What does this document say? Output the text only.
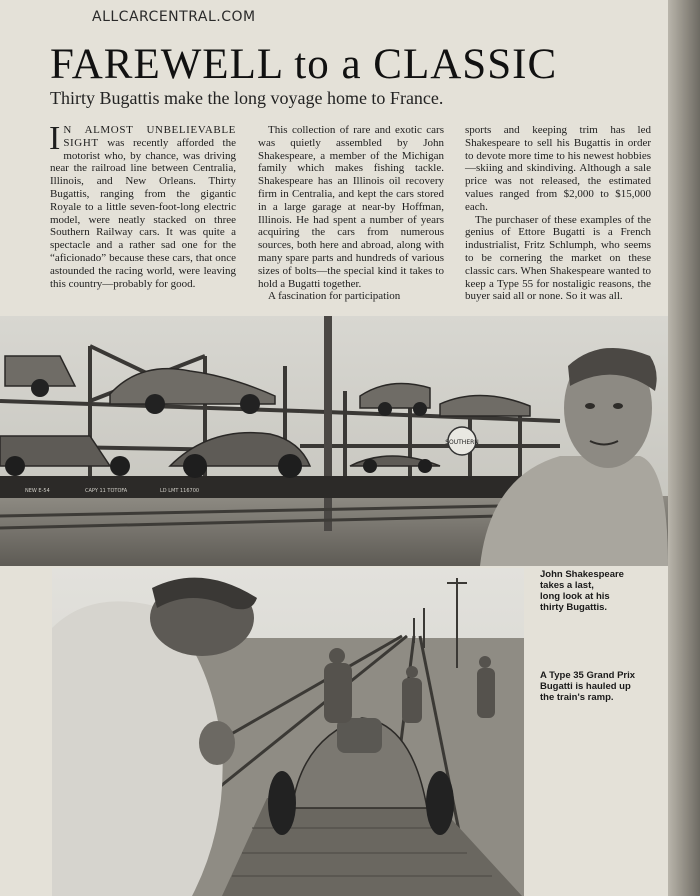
ALLCARCENTRAL.COM
FAREWELL to a CLASSIC
Thirty Bugattis make the long voyage home to France.

I N ALMOST UNBELIEVABLE SIGHT was recently afforded the motorist who, by chance, was driving near the railroad line between Centralia, Illinois, and New Orleans. Thirty Bugattis, ranging from the gigantic Royale to a little seven-foot-long electric model, were neatly stacked on three Southern Railway cars. It was quite a spectacle and a rather sad one for the “aficionado” because these cars, that once astounded the racing world, were leaving this country—probably for good.

This collection of rare and exotic cars was quietly assembled by John Shakespeare, a member of the Michigan family which makes fishing tackle. Shakespeare has an Illinois oil recovery firm in Centralia, and kept the cars stored in a large garage at near-by Hoffman, Illinois. He had spent a number of years acquiring the cars from numerous sources, both here and abroad, along with many spare parts and hundreds of various sizes of bolts—the special kind it takes to hold a Bugatti together.

A fascination for participation

sports and keeping trim has led Shakespeare to sell his Bugattis in order to devote more time to his newest hobbies—skiing and skindiving. Although a sale price was not released, the estimated values ranged from $2,000 to $15,000 each.

The purchaser of these examples of the genius of Ettore Bugatti is a French industrialist, Fritz Schlumph, who seems to be cornering the market on these classic cars. When Shakespeare wanted to keep a Type 55 for nostaligic reasons, the buyer said all or none. So it was all.

SOUTHERN
NEW E-54	CAPY 11 TOTOFA	LD LMT 116700
John Shakespeare
takes a last,
long look at his
thirty Bugattis.
A Type 35 Grand Prix
Bugatti is hauled up
the train's ramp.
